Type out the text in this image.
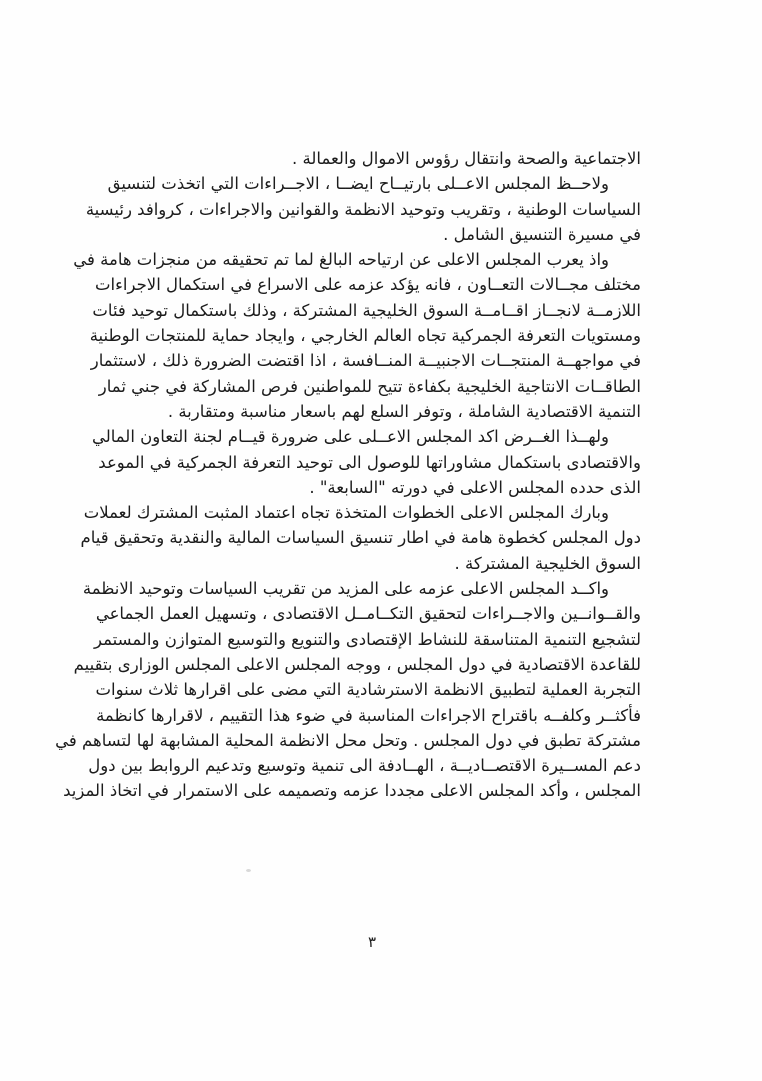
الاجتماعية والصحة وانتقال رؤوس الاموال والعمالة .
ولاحــظ المجلس الاعــلى بارتيــاح ايضــا ، الاجــراءات التي اتخذت لتنسيق
السياسات الوطنية ، وتقريب وتوحيد الانظمة والقوانين والاجراءات ، كروافد رئيسية
في مسيرة التنسيق الشامل .
واذ يعرب المجلس الاعلى عن ارتياحه البالغ لما تم تحقيقه من منجزات هامة في
مختلف مجــالات التعــاون ، فانه يؤكد عزمه على الاسراع في استكمال الاجراءات
اللازمــة لانجــاز اقــامــة السوق الخليجية المشتركة ، وذلك باستكمال توحيد فئات
ومستويات التعرفة الجمركية تجاه العالم الخارجي ، وايجاد حماية للمنتجات الوطنية
في مواجهــة المنتجــات الاجنبيــة المنــافسة ، اذا اقتضت الضرورة ذلك ، لاستثمار
الطاقــات الانتاجية الخليجية بكفاءة تتيح للمواطنين فرص المشاركة في جني ثمار
التنمية الاقتصادية الشاملة ، وتوفر السلع لهم باسعار مناسبة ومتقاربة .
ولهــذا الغــرض اكد المجلس الاعــلى على ضرورة قيــام لجنة التعاون المالي
والاقتصادى باستكمال مشاوراتها للوصول الى توحيد التعرفة الجمركية في الموعد
الذى حدده المجلس الاعلى في دورته "السابعة" .
وبارك المجلس الاعلى الخطوات المتخذة تجاه اعتماد المثبت المشترك لعملات
دول المجلس كخطوة هامة في اطار تنسيق السياسات المالية والنقدية وتحقيق قيام
السوق الخليجية المشتركة .
واكــد المجلس الاعلى عزمه على المزيد من تقريب السياسات وتوحيد الانظمة
والقــوانــين والاجــراءات لتحقيق التكــامــل الاقتصادى ، وتسهيل العمل الجماعي
لتشجيع التنمية المتناسقة للنشاط الإقتصادى والتنويع والتوسيع المتوازن والمستمر
للقاعدة الاقتصادية في دول المجلس ، ووجه المجلس الاعلى المجلس الوزارى بتقييم
التجربة العملية لتطبيق الانظمة الاسترشادية التي مضى على اقرارها ثلاث سنوات
فأكثــر وكلفــه باقتراح الاجراءات المناسبة في ضوء هذا التقييم ، لاقرارها كانظمة
مشتركة تطبق في دول المجلس . وتحل محل الانظمة المحلية المشابهة لها لتساهم في
دعم المســيرة الاقتصــاديــة ، الهــادفة الى تنمية وتوسيع وتدعيم الروابط بين دول
المجلس ، وأكد المجلس الاعلى مجددا عزمه وتصميمه على الاستمرار في اتخاذ المزيد
٣
